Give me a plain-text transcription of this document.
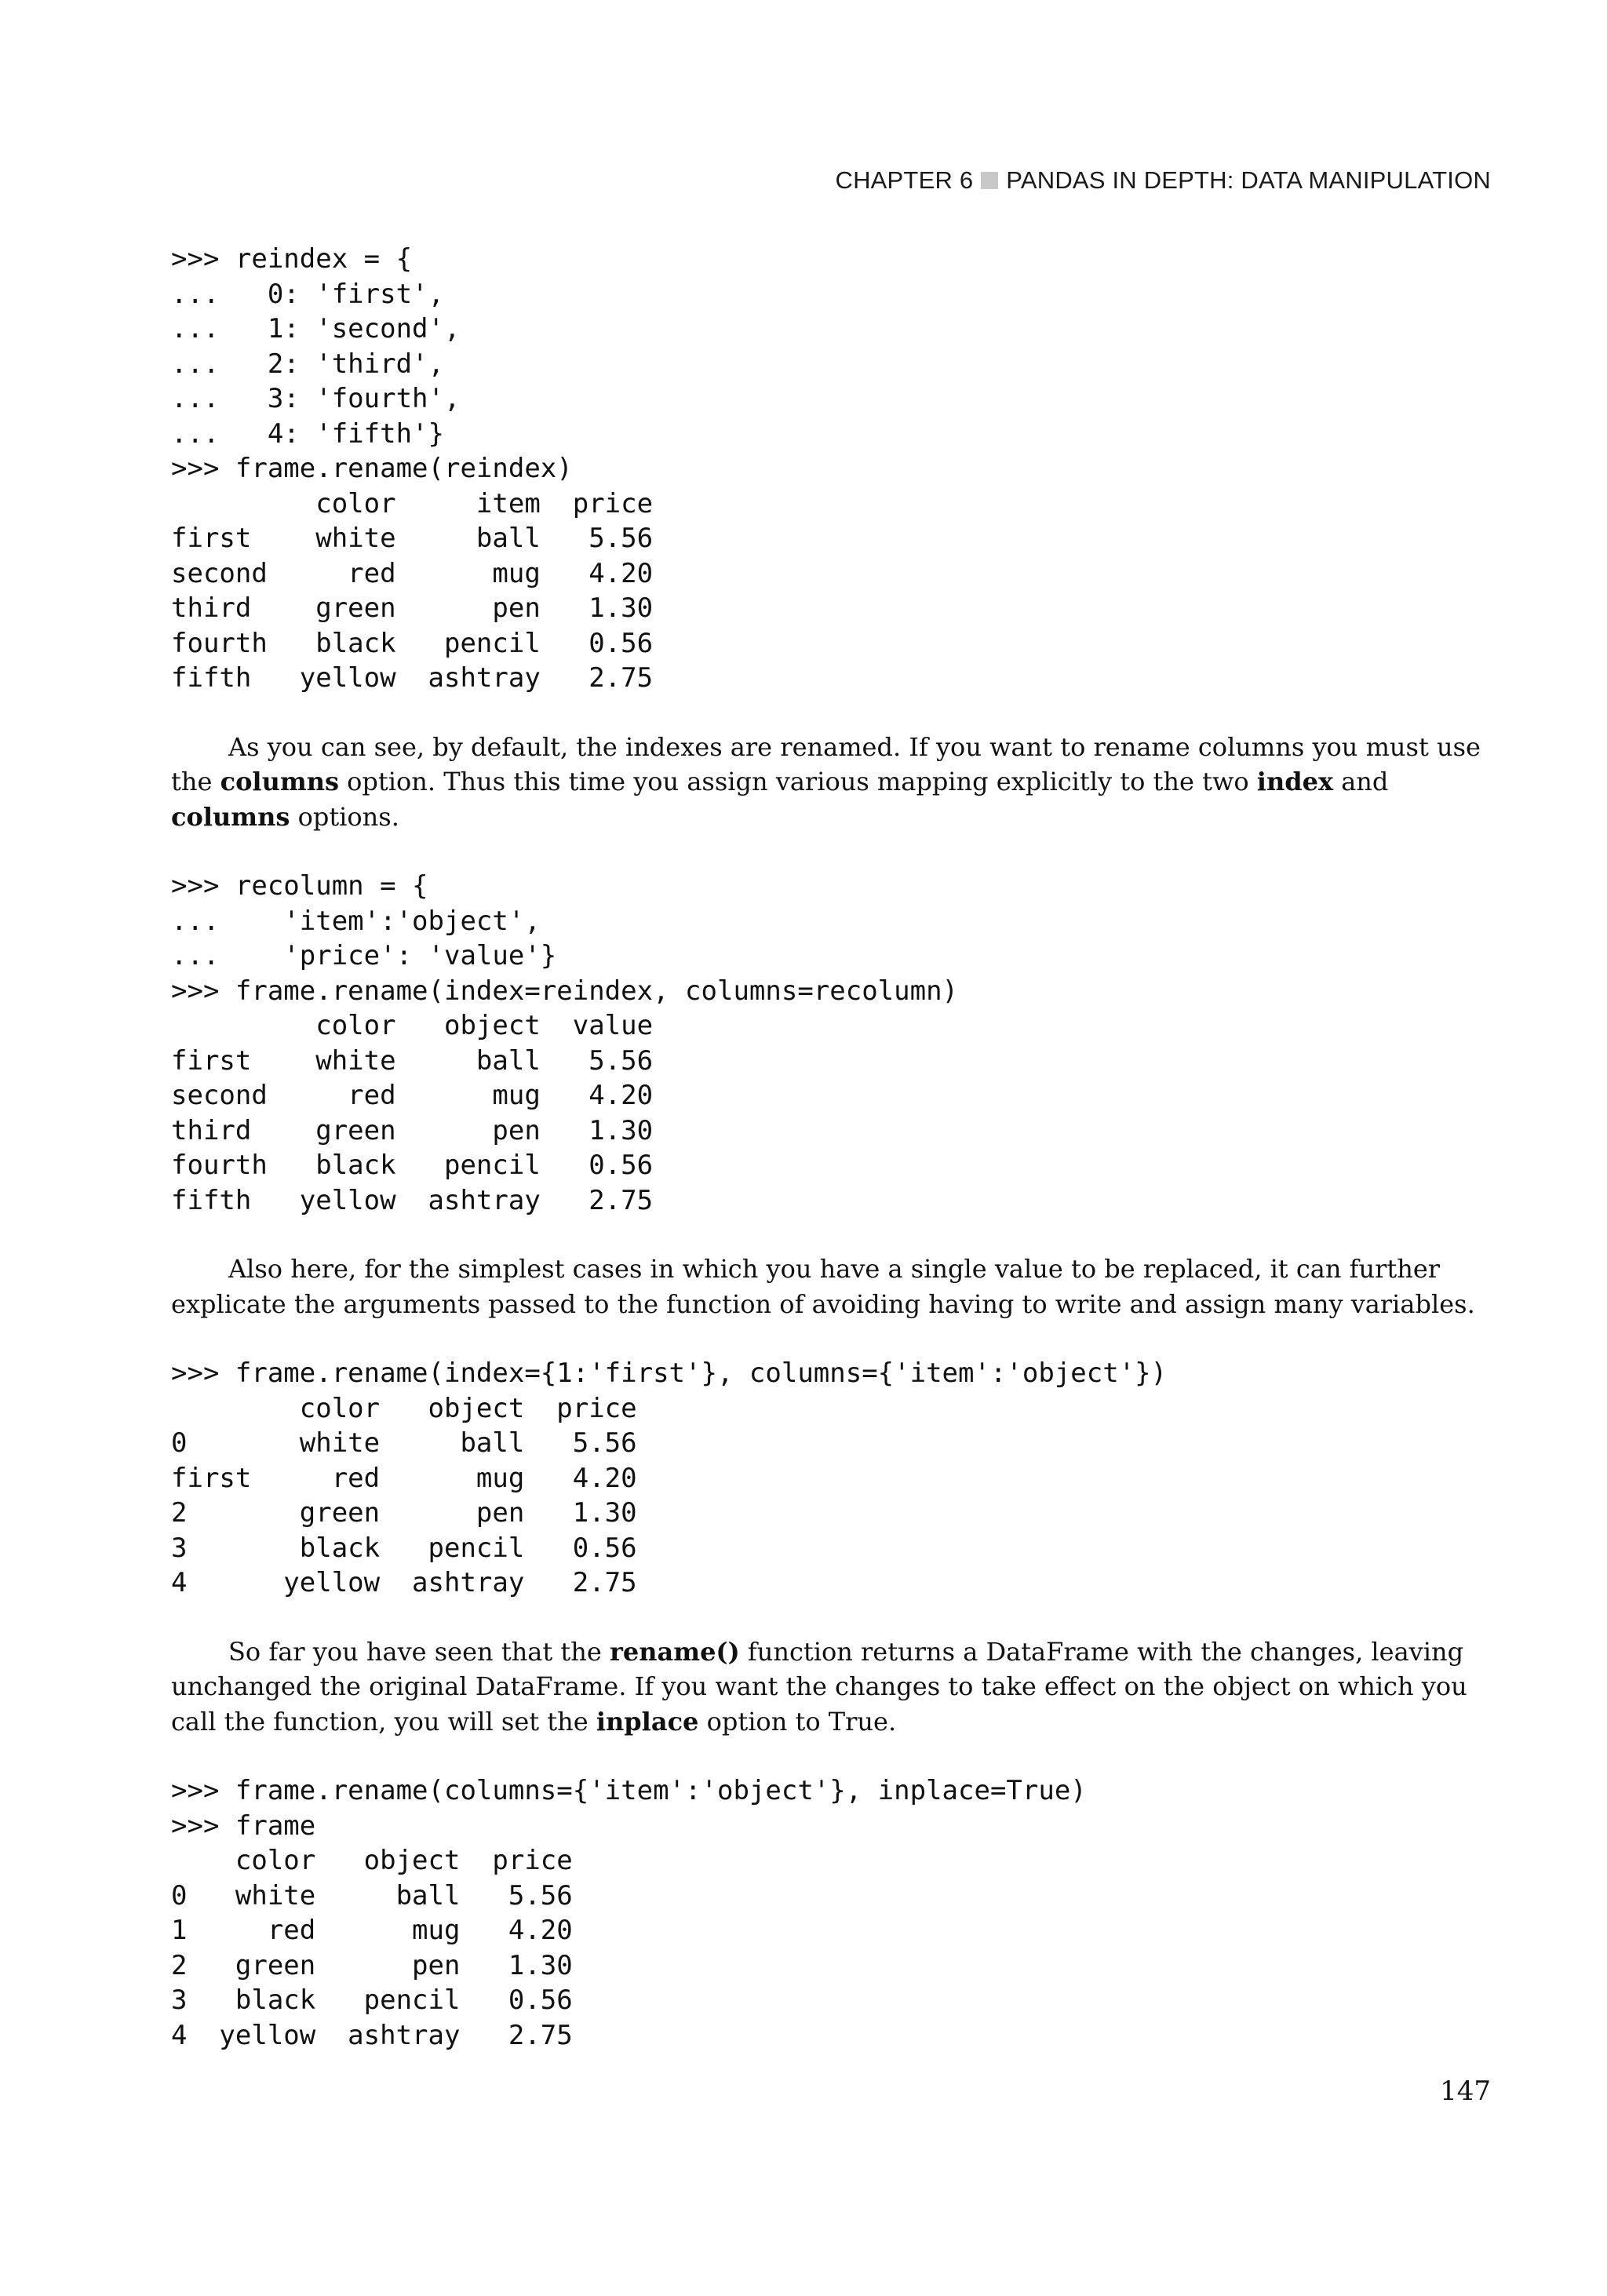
CHAPTER 6 PANDAS IN DEPTH: DATA MANIPULATION
>>> reindex = {
...   0: 'first',
...   1: 'second',
...   2: 'third',
...   3: 'fourth',
...   4: 'fifth'}
>>> frame.rename(reindex)
color     item  price
first    white     ball   5.56
second     red      mug   4.20
third    green      pen   1.30
fourth   black   pencil   0.56
fifth   yellow  ashtray   2.75

As you can see, by default, the indexes are renamed. If you want to rename columns you must use the columns option. Thus this time you assign various mapping explicitly to the two index and columns options.

>>> recolumn = {
...    'item':'object',
...    'price': 'value'}
>>> frame.rename(index=reindex, columns=recolumn)
color   object  value
first    white     ball   5.56
second     red      mug   4.20
third    green      pen   1.30
fourth   black   pencil   0.56
fifth   yellow  ashtray   2.75

Also here, for the simplest cases in which you have a single value to be replaced, it can further explicate the arguments passed to the function of avoiding having to write and assign many variables.

>>> frame.rename(index={1:'first'}, columns={'item':'object'})
color   object  price
0       white     ball   5.56
first     red      mug   4.20
2       green      pen   1.30
3       black   pencil   0.56
4      yellow  ashtray   2.75

So far you have seen that the rename() function returns a DataFrame with the changes, leaving unchanged the original DataFrame. If you want the changes to take effect on the object on which you call the function, you will set the inplace option to True.

>>> frame.rename(columns={'item':'object'}, inplace=True)
>>> frame
color   object  price
0   white     ball   5.56
1     red      mug   4.20
2   green      pen   1.30
3   black   pencil   0.56
4  yellow  ashtray   2.75
147
